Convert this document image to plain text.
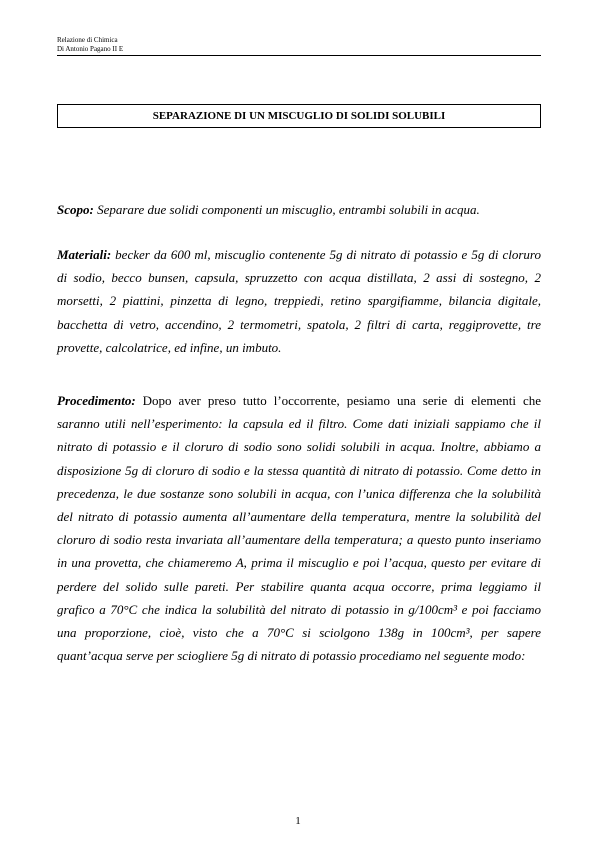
Relazione di Chimica
Di Antonio Pagano II E
SEPARAZIONE DI UN MISCUGLIO DI SOLIDI SOLUBILI
Scopo: Separare due solidi componenti un miscuglio, entrambi solubili in acqua.
Materiali: becker da 600 ml, miscuglio contenente 5g di nitrato di potassio e 5g di cloruro di sodio, becco bunsen, capsula, spruzzetto con acqua distillata, 2 assi di sostegno, 2 morsetti, 2 piattini, pinzetta di legno, treppiedi, retino spargifiamme, bilancia digitale, bacchetta di vetro, accendino, 2 termometri, spatola, 2 filtri di carta, reggiprovette, tre provette, calcolatrice, ed infine, un imbuto.
Procedimento: Dopo aver preso tutto l’occorrente, pesiamo una serie di elementi che saranno utili nell’esperimento: la capsula ed il filtro. Come dati iniziali sappiamo che il nitrato di potassio e il cloruro di sodio sono solidi solubili in acqua. Inoltre, abbiamo a disposizione 5g di cloruro di sodio e la stessa quantità di nitrato di potassio. Come detto in precedenza, le due sostanze sono solubili in acqua, con l’unica differenza che la solubilità del nitrato di potassio aumenta all’aumentare della temperatura, mentre la solubilità del cloruro di sodio resta invariata all’aumentare della temperatura; a questo punto inseriamo in una provetta, che chiameremo A, prima il miscuglio e poi l’acqua, questo per evitare di perdere del solido sulle pareti. Per stabilire quanta acqua occorre, prima leggiamo il grafico a 70°C che indica la solubilità del nitrato di potassio in g/100cm³ e poi facciamo una proporzione, cioè, visto che a 70°C si sciolgono 138g in 100cm³, per sapere quant’acqua serve per sciogliere 5g di nitrato di potassio procediamo nel seguente modo:
1
